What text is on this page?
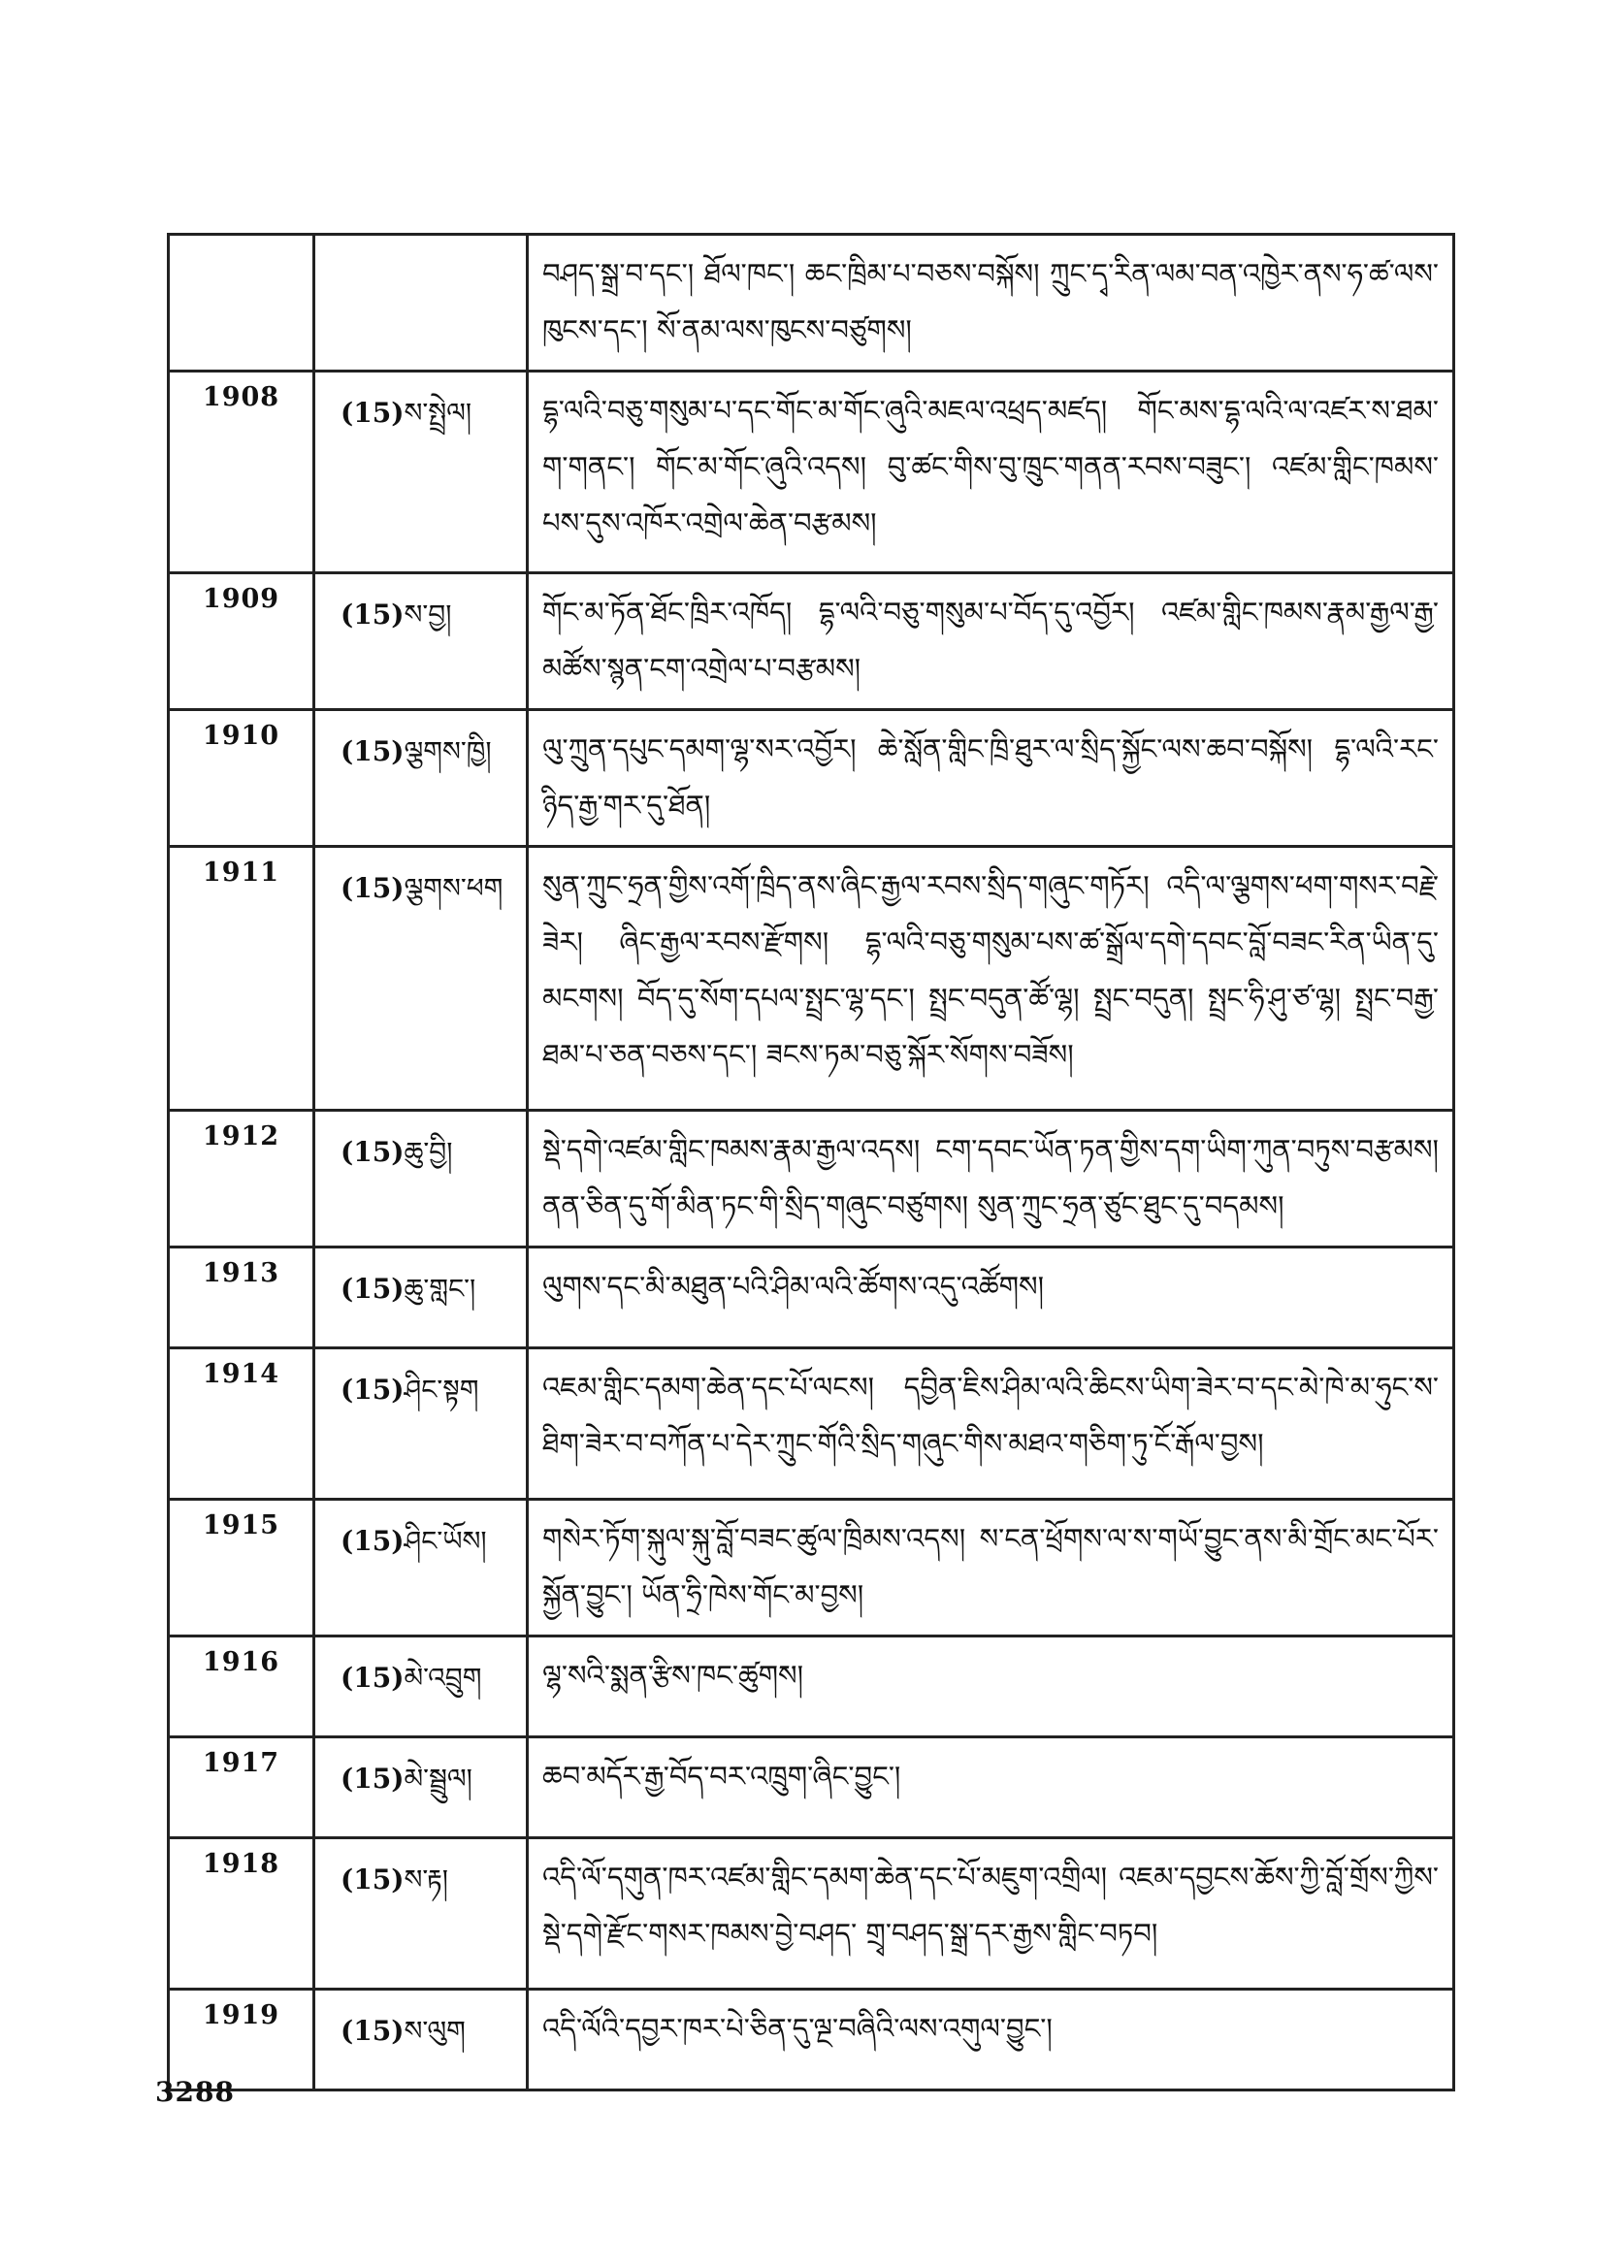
		བཤད་སྒྲ་བ་དང་། ཐོལ་ཁང་། ཆང་ཁྲིམ་པ་བཅས་བསྐོས། ཀྲུང་དྭ་རིན་ལམ་བན་འཁྱེར་ནས་ཧ་ཚ་ལས་ཁུངས་དང་། སོ་ནམ་ལས་ཁུངས་བཙུགས།
1908	(15)ས་སྤྲེལ།	དྷ་ལའི་བཅུ་གསུམ་པ་དང་གོང་མ་གོང་ཞུའི་མཇལ་འཕྲད་མཛད། གོང་མས་དྷ་ལའི་ལ་འཛར་ས་ཐམ་ག་གནང་། གོང་མ་གོང་ཞུའི་འདས། བུ་ཚང་གིས་བུ་ཁྲུང་གནན་རབས་བཟུང་། འཛམ་གླིང་ཁམས་པས་དུས་འཁོར་འགྲེལ་ཆེན་བརྩམས།
1909	(15)ས་བྱ།	གོང་མ་ཏོན་ཐོང་ཁྲིར་འཁོད། དྷ་ལའི་བཅུ་གསུམ་པ་བོད་དུ་འབྱོར། འཛམ་གླིང་ཁམས་རྣམ་རྒྱལ་རྒྱ་མཚོས་སྙན་ངག་འགྲེལ་པ་བརྩམས།
1910	(15)ལྕགས་ཁྱི།	ལུ་ཀྲུན་དཔུང་དམག་ལྷ་སར་འབྱོར། ཆེ་སློན་གླིང་ཁྲི་ཐུར་ལ་སྲིད་སྐྱོང་ལས་ཆབ་བསྐོས། དྷ་ལའི་རང་ཉིད་རྒྱ་གར་དུ་ཐོན།
1911	(15)ལྕགས་ཕག	སུན་ཀྲུང་ཧྲན་གྱིས་འགོ་ཁྲིད་ནས་ཞིང་རྒྱལ་རབས་སྲིད་གཞུང་གཏོར། འདི་ལ་ལྕགས་ཕག་གསར་བརྗེ་ཟེར། ཞིང་རྒྱལ་རབས་རྫོགས། དྷ་ལའི་བཅུ་གསུམ་པས་ཚ་སྒྲོལ་དགེ་དབང་བློ་བཟང་རིན་ཡིན་དུ་མངགས། བོད་དུ་སོག་དཔལ་སྤྲང་ལྷ་དང་། སྤྲང་བདུན་ཚོ་ལྷ། སྤྲང་བདུན། སྤྲང་ཧི་ཤུ་ཙ་ལྷ། སྤྲང་བརྒྱ་ཐམ་པ་ཅན་བཅས་དང་། ཟངས་ཏམ་བཅུ་སྐོར་སོགས་བཟོས།
1912	(15)ཆུ་བྱི།	སྡེ་དགེ་འཛམ་གླིང་ཁམས་རྣམ་རྒྱལ་འདས། ངག་དབང་ཡོན་ཏན་གྱིས་དག་ཡིག་ཀུན་བཏུས་བརྩམས། ནན་ཅིན་དུ་གོ་མིན་ཏང་གི་སྲིད་གཞུང་བཙུགས། སུན་ཀྲུང་ཧྲན་ཙུང་ཐུང་དུ་བདམས།
1913	(15)ཆུ་གླང་།	ལུགས་དང་མི་མཐུན་པའི་ཤིམ་ལའི་ཚོགས་འདུ་འཚོགས།
1914	(15)ཤིང་སྟག	འཇམ་གླིང་དམག་ཆེན་དང་པོ་ལངས། དབྱིན་ཇིས་ཤིམ་ལའི་ཆིངས་ཡིག་ཟེར་བ་དང་མེ་ཁེ་མ་ཧུང་ས་ཐིག་ཟེར་བ་བཀོན་པ་དེར་ཀྲུང་གོའི་སྲིད་གཞུང་གིས་མཐའ་གཅིག་ཏུ་ངོ་རྒོལ་བྱས།
1915	(15)ཤིང་ཡོས།	གསེར་ཏོག་སྐུལ་སྐུ་བློ་བཟང་ཚུལ་ཁྲིམས་འདས། ས་ངན་ཕྲོགས་ལ་ས་གཡོ་བྱུང་ནས་མི་གྲོང་མང་པོར་སྐྱོན་བྱུང་། ཡོན་ཧྲི་ཁེས་གོང་མ་བྱས།
1916	(15)མེ་འབྲུག	ལྷ་སའི་སྨན་རྩིས་ཁང་ཚུགས།
1917	(15)མེ་སྦྲུལ།	ཆབ་མདོར་རྒྱ་བོད་བར་འཁྲུག་ཞིང་བྱུང་།
1918	(15)ས་རྟ།	འདི་ལོ་དགུན་ཁར་འཛམ་གླིང་དམག་ཆེན་དང་པོ་མཇུག་འགྲིལ། འཇམ་དབྱངས་ཆོས་ཀྱི་བློ་གྲོས་ཀྱིས་སྡེ་དགེ་རྫོང་གསར་ཁམས་བྱེ་བཤད་ གྲྭ་བཤད་སྒྲ་དར་རྒྱས་གླིང་བཏབ།
1919	(15)ས་ལུག	འདི་ལོའི་དབྱར་ཁར་པེ་ཅིན་དུ་ལྔ་བཞིའི་ལས་འགུལ་བྱུང་།
3288
